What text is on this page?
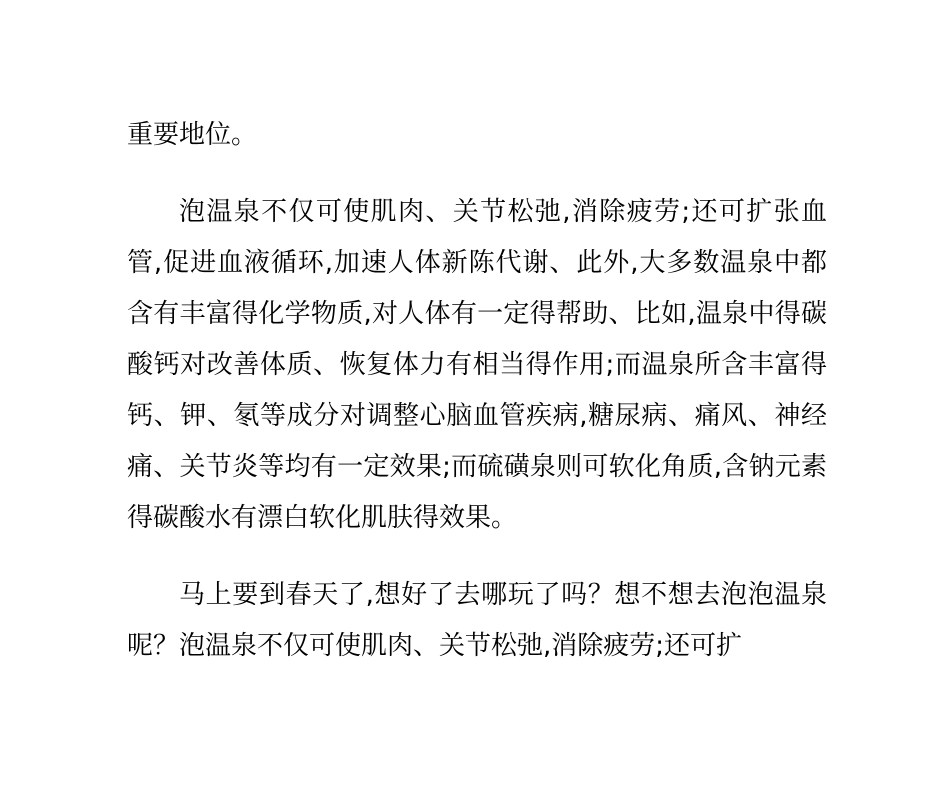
重要地位。

泡温泉不仅可使肌肉、关节松弛,消除疲劳;还可扩张血管,促进血液循环,加速人体新陈代谢、此外,大多数温泉中都含有丰富得化学物质,对人体有一定得帮助、比如,温泉中得碳酸钙对改善体质、恢复体力有相当得作用;而温泉所含丰富得钙、钾、氡等成分对调整心脑血管疾病,糖尿病、痛风、神经痛、关节炎等均有一定效果;而硫磺泉则可软化角质,含钠元素得碳酸水有漂白软化肌肤得效果。

马上要到春天了,想好了去哪玩了吗？想不想去泡泡温泉呢？泡温泉不仅可使肌肉、关节松弛,消除疲劳;还可扩
